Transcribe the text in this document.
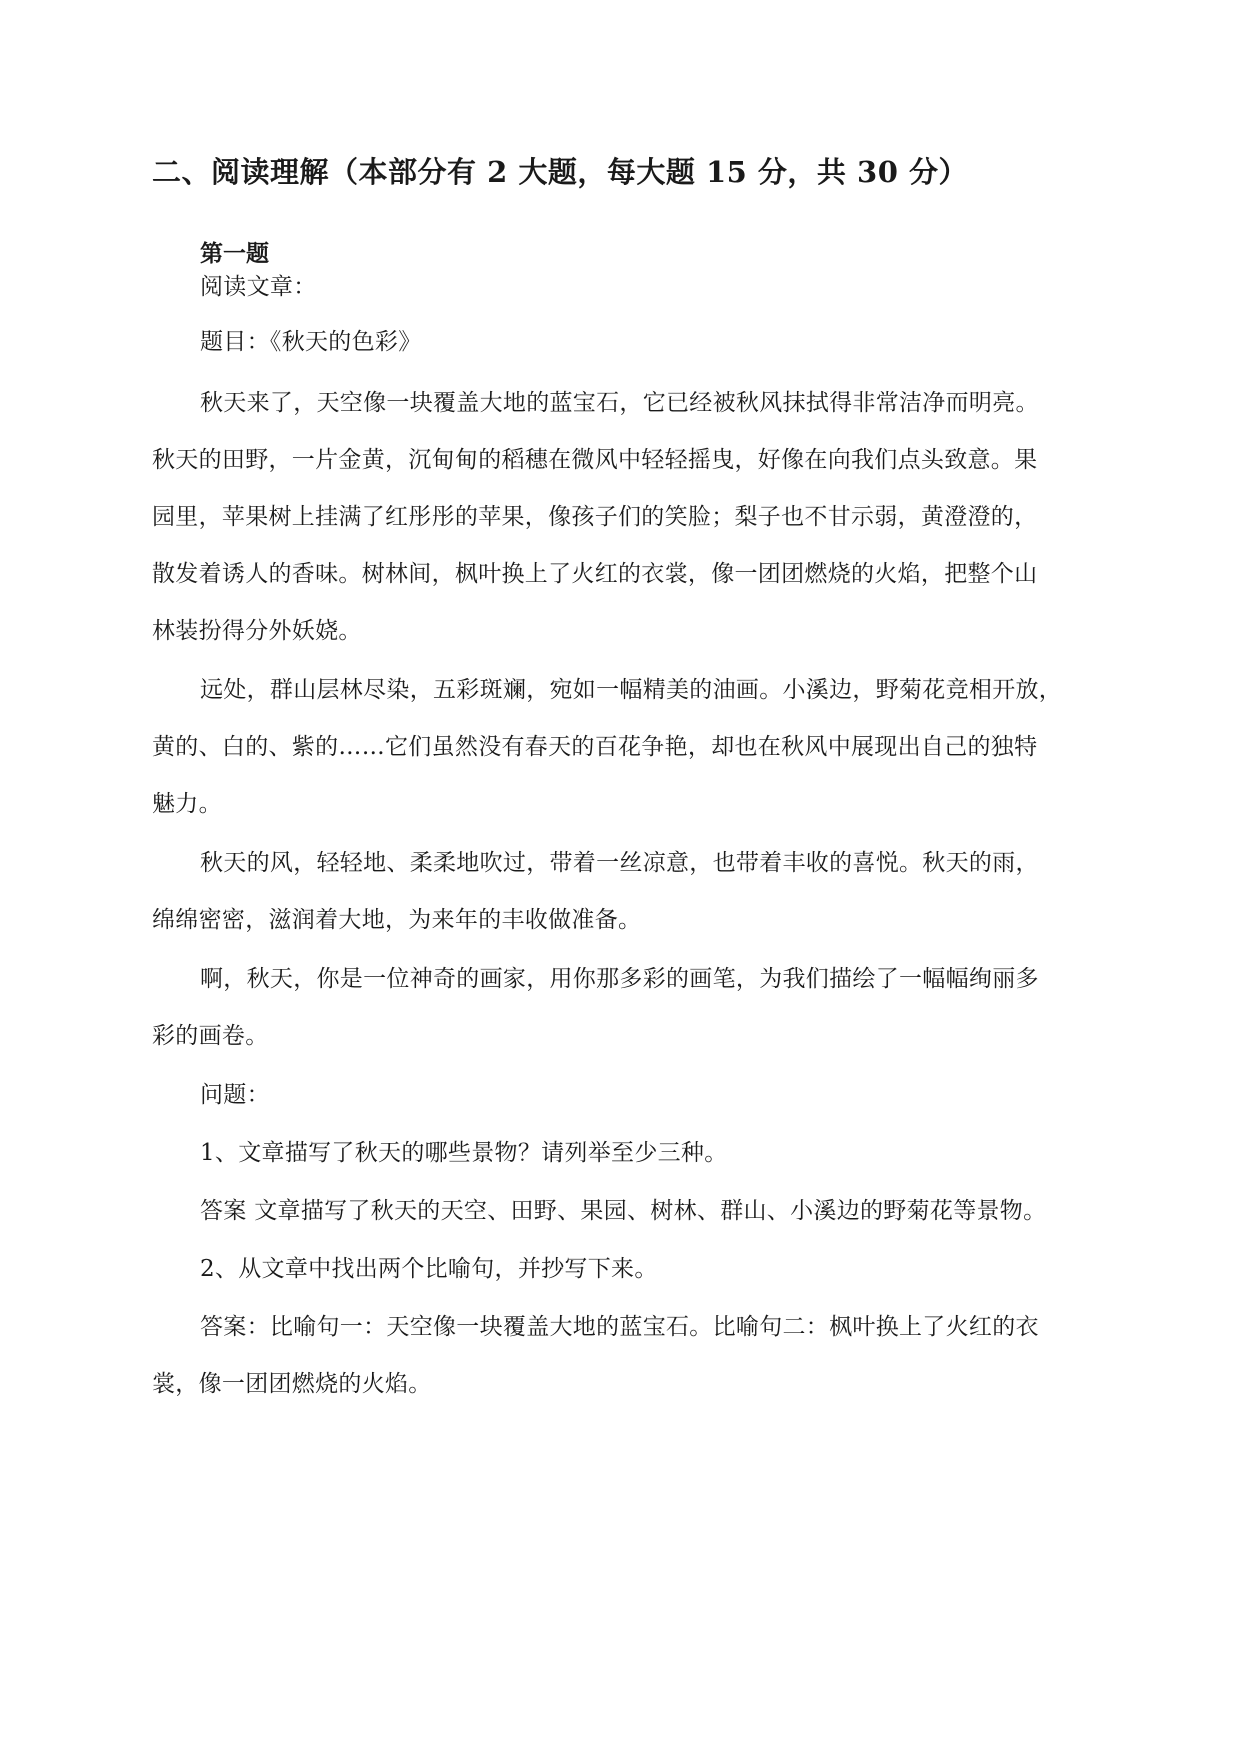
二、阅读理解（本部分有 2 大题，每大题 15 分，共 30 分）
第一题
阅读文章：
题目：《秋天的色彩》
秋天来了，天空像一块覆盖大地的蓝宝石，它已经被秋风抹拭得非常洁净而明亮。
秋天的田野，一片金黄，沉甸甸的稻穗在微风中轻轻摇曳，好像在向我们点头致意。果
园里，苹果树上挂满了红彤彤的苹果，像孩子们的笑脸；梨子也不甘示弱，黄澄澄的，
散发着诱人的香味。树林间，枫叶换上了火红的衣裳，像一团团燃烧的火焰，把整个山
林装扮得分外妖娆。
远处，群山层林尽染，五彩斑斓，宛如一幅精美的油画。小溪边，野菊花竞相开放，
黄的、白的、紫的……它们虽然没有春天的百花争艳，却也在秋风中展现出自己的独特
魅力。
秋天的风，轻轻地、柔柔地吹过，带着一丝凉意，也带着丰收的喜悦。秋天的雨，
绵绵密密，滋润着大地，为来年的丰收做准备。
啊，秋天，你是一位神奇的画家，用你那多彩的画笔，为我们描绘了一幅幅绚丽多
彩的画卷。
问题：
1、文章描写了秋天的哪些景物？请列举至少三种。
答案 文章描写了秋天的天空、田野、果园、树林、群山、小溪边的野菊花等景物。
2、从文章中找出两个比喻句，并抄写下来。
答案：比喻句一：天空像一块覆盖大地的蓝宝石。比喻句二：枫叶换上了火红的衣
裳，像一团团燃烧的火焰。
